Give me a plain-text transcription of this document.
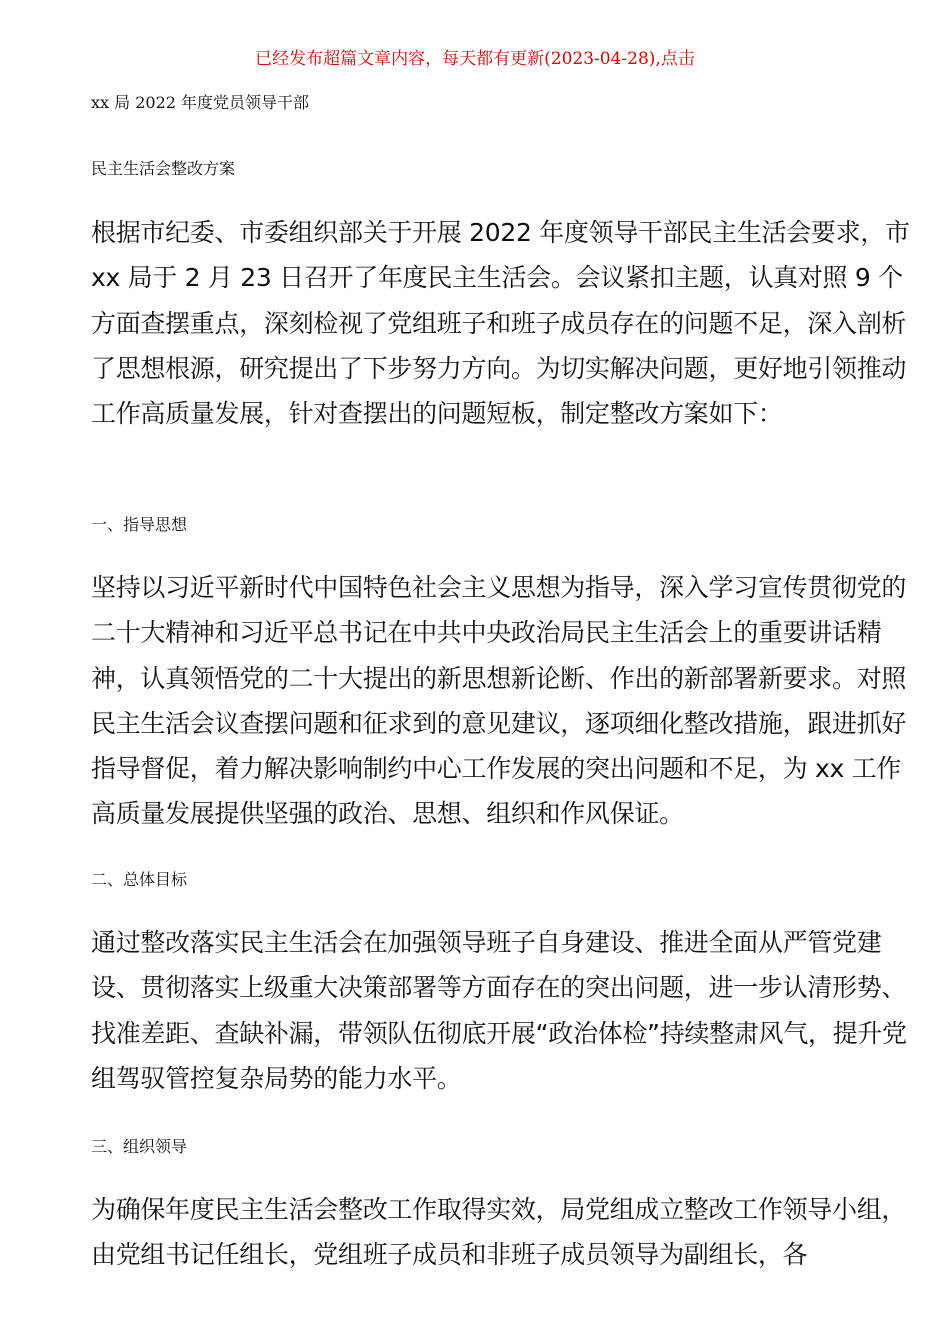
已经发布超篇文章内容，每天都有更新(2023-04-28),点击
xx 局 2022 年度党员领导干部
民主生活会整改方案

根据市纪委、市委组织部关于开展 2022 年度领导干部民主生活会要求，市 xx 局于 2 月 23 日召开了年度民主生活会。会议紧扣主题，认真对照 9 个方面查摆重点，深刻检视了党组班子和班子成员存在的问题不足，深入剖析了思想根源，研究提出了下步努力方向。为切实解决问题，更好地引领推动工作高质量发展，针对查摆出的问题短板，制定整改方案如下：

一、指导思想

坚持以习近平新时代中国特色社会主义思想为指导，深入学习宣传贯彻党的二十大精神和习近平总书记在中共中央政治局民主生活会上的重要讲话精神，认真领悟党的二十大提出的新思想新论断、作出的新部署新要求。对照民主生活会议查摆问题和征求到的意见建议，逐项细化整改措施，跟进抓好指导督促，着力解决影响制约中心工作发展的突出问题和不足，为 xx 工作高质量发展提供坚强的政治、思想、组织和作风保证。

二、总体目标

通过整改落实民主生活会在加强领导班子自身建设、推进全面从严管党建设、贯彻落实上级重大决策部署等方面存在的突出问题，进一步认清形势、找准差距、查缺补漏，带领队伍彻底开展“政治体检”持续整肃风气，提升党组驾驭管控复杂局势的能力水平。

三、组织领导

为确保年度民主生活会整改工作取得实效，局党组成立整改工作领导小组，由党组书记任组长，党组班子成员和非班子成员领导为副组长，各
